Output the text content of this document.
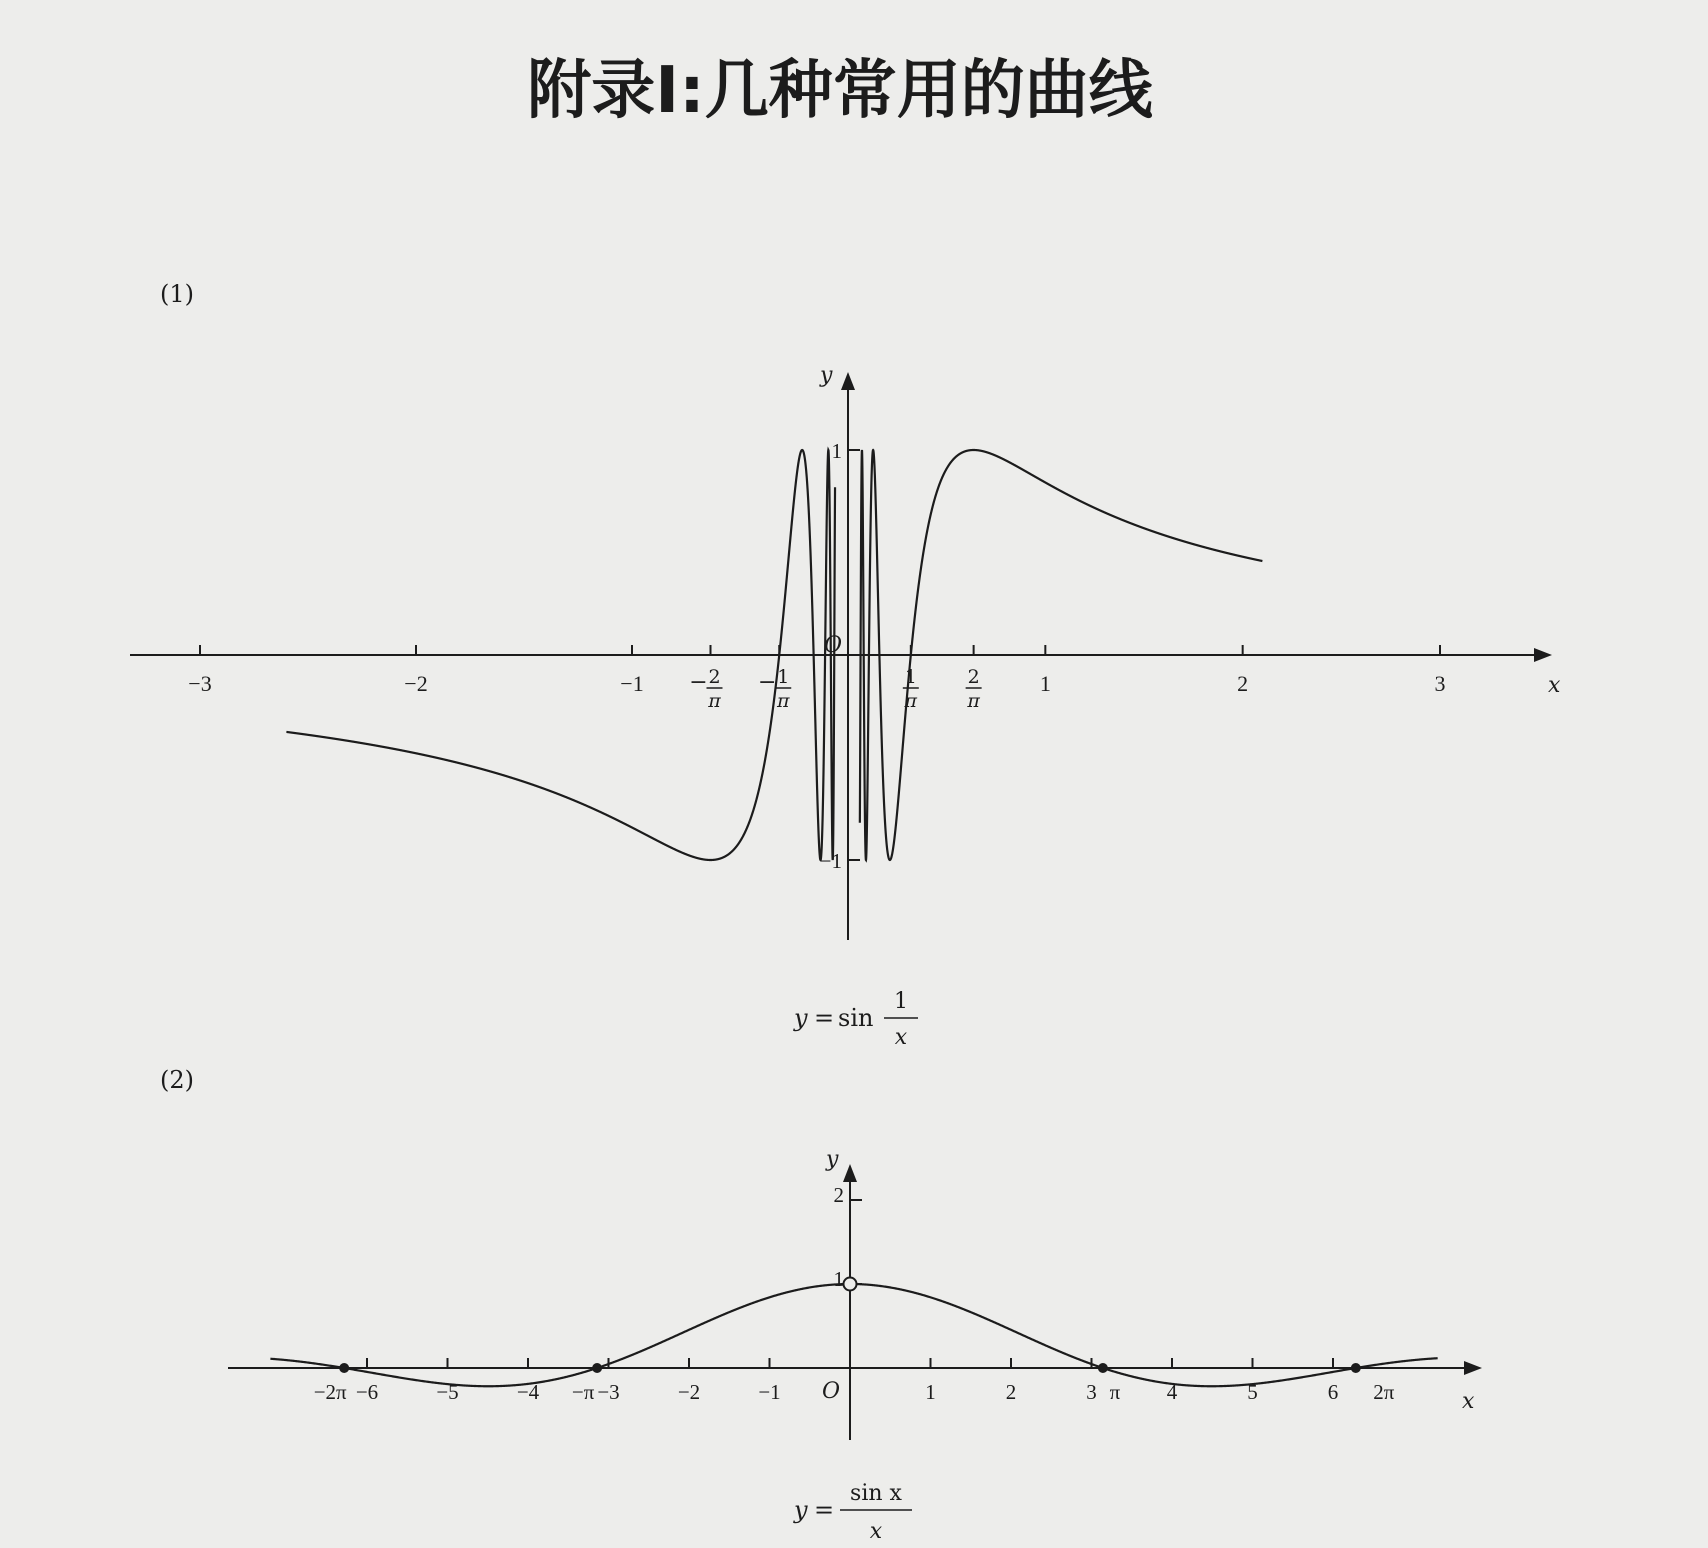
附录Ⅰ:几种常用的曲线
(1)
x
y
O
−3	−2	−1 − 2
π
− 1
π
1
π
2
π
1	2	3
1
−1
y = sin
1
x
(2)
x
y
O
−6	−5	−4	−3	−2	−1	1	2	3	4	5	6
−2π	−π	π	2π
1
2
y =
sin x
x
